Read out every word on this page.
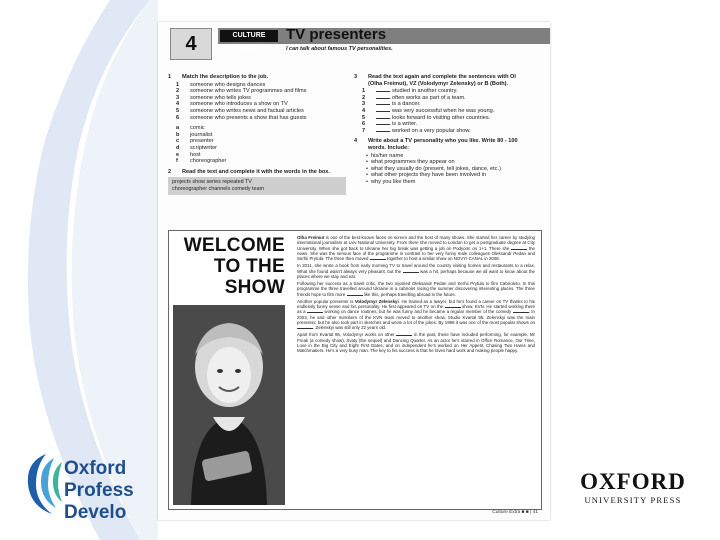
4	CULTURE EXTRA
TV presenters
I can talk about famous TV personalities.
1 Match the description to the job.
1 someone who designs dances
2 someone who writes TV programmes and films
3 someone who tells jokes
4 someone who introduces a show on TV
5 someone who writes news and factual articles
6 someone who presents a show that has guests
a comic
b journalist
c presenter
d scriptwriter
e host
f choreographer
2 Read the text and complete it with the words in the box.
projects show series repeated TV
choreographer channels comedy team
3 Read the text again and complete the sentences with OI
(Olha Freimut), VZ (Volodymyr Zelensky) or B (Both).
1	studied in another country.
2	often works as part of a team.
3	is a dancer.
4	was very successful when he was young.
5	looks forward to visiting other countries.
6	is a writer.
7	worked on a very popular show.
4 Write about a TV personality who you like. Write 80 - 100
words. Include:
• his/her name
• what programmes they appear on
• what they usually do (present, tell jokes, dance, etc.)
• what other projects they have been involved in
• why you like them
WELCOME
TO THE
SHOW

Olha Freimut is one of the best-known faces on screen and the host of many shows. She started her career by studying international journalism at Lviv National University. From there she moved to London to get a postgraduate degree at City University. When she got back to Ukraine her big break was getting a job on Podyom! on 1+1. There she	the news. She was the serious face of the programme in contrast to her very funny male colleagues Oleksandr Pedan and Serhii Prytula. The three then moved	together to host a similar show on NOVYI CANAL in 2008.

In 2011, she wrote a book from early morning TV to travel around the country visiting homes and restaurants to a relax. What she found wasn't always very pleasant, but the	was a hit, perhaps because we all want to know about the places where we stay and eat.

Following her success as a travel critic, the two rejoined Oleksandr Pedan and Serhii Prytula to film Cabrioleto. In this programme the three travelled around Ukraine in a cabriolet racing the summer discovering interesting places. The three friends hope to film more	like this, perhaps travelling abroad in the future.

Another popular presenter is Volodymyr Zelenskyi. He trained as a lawyer, but he's found a career on TV thanks to his endlessly funny sense and his personality. He first appeared on TV on the	show, KVN. He started working there as a	working on dance routines, but he was funny and he became a regular member of the comedy	. In 2003, he and other members of the KVN team moved to another show, Studio Kvartal 95. Zelenskyi was the main presenter, but he also took part in sketches and wrote a lot of the jokes. By 1998 it was one of the most popular shows on . Zelenskyi was still only 22 years old.

Apart from Kvartal 95, Volodymyr works on other	in the past, these have included performing, for example, Mr Freak (a comedy show), Svaty (the sequel) and Dancing Quarter. As an actor he's starred in Office Romance, Our Time, Love in the Big City and Eight First Dates, and on independent he's worked on Her Appetit, Chasing Two Hares and Matchmakers. He's a very busy man. The key to his success is that he loves hard work and making people happy.

Culture Extra ■ ■ | 41
Oxford
Profess
Develo
OXFORD
UNIVERSITY PRESS
